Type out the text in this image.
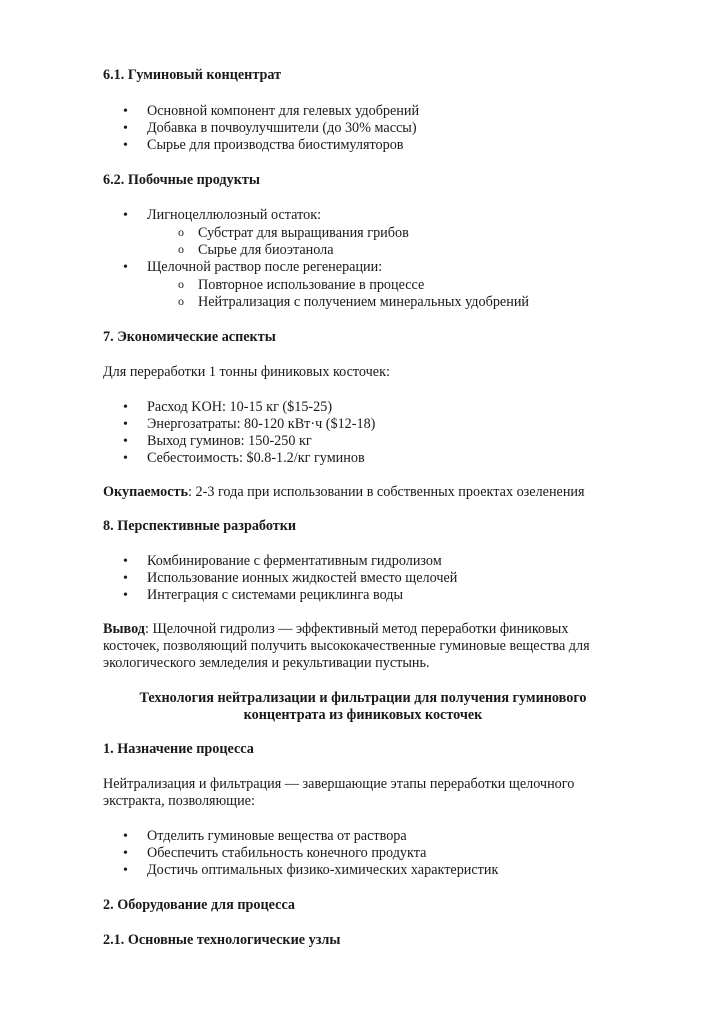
6.1. Гуминовый концентрат
• Основной компонент для гелевых удобрений
• Добавка в почвоулучшители (до 30% массы)
• Сырье для производства биостимуляторов
6.2. Побочные продукты
• Лигноцеллюлозный остаток:
o Субстрат для выращивания грибов
o Сырье для биоэтанола
• Щелочной раствор после регенерации:
o Повторное использование в процессе
o Нейтрализация с получением минеральных удобрений
7. Экономические аспекты

Для переработки 1 тонны финиковых косточек:

• Расход KOH: 10-15 кг ($15-25)
• Энергозатраты: 80-120 кВт·ч ($12-18)
• Выход гуминов: 150-250 кг
• Себестоимость: $0.8-1.2/кг гуминов

Окупаемость: 2-3 года при использовании в собственных проектах озеленения

8. Перспективные разработки
• Комбинирование с ферментативным гидролизом
• Использование ионных жидкостей вместо щелочей
• Интеграция с системами рециклинга воды

Вывод: Щелочной гидролиз — эффективный метод переработки финиковых косточек, позволяющий получить высококачественные гуминовые вещества для экологического земледелия и рекультивации пустынь.

Технология нейтрализации и фильтрации для получения гуминового концентрата из финиковых косточек
1. Назначение процесса

Нейтрализация и фильтрация — завершающие этапы переработки щелочного экстракта, позволяющие:

• Отделить гуминовые вещества от раствора
• Обеспечить стабильность конечного продукта
• Достичь оптимальных физико-химических характеристик
2. Оборудование для процесса
2.1. Основные технологические узлы
